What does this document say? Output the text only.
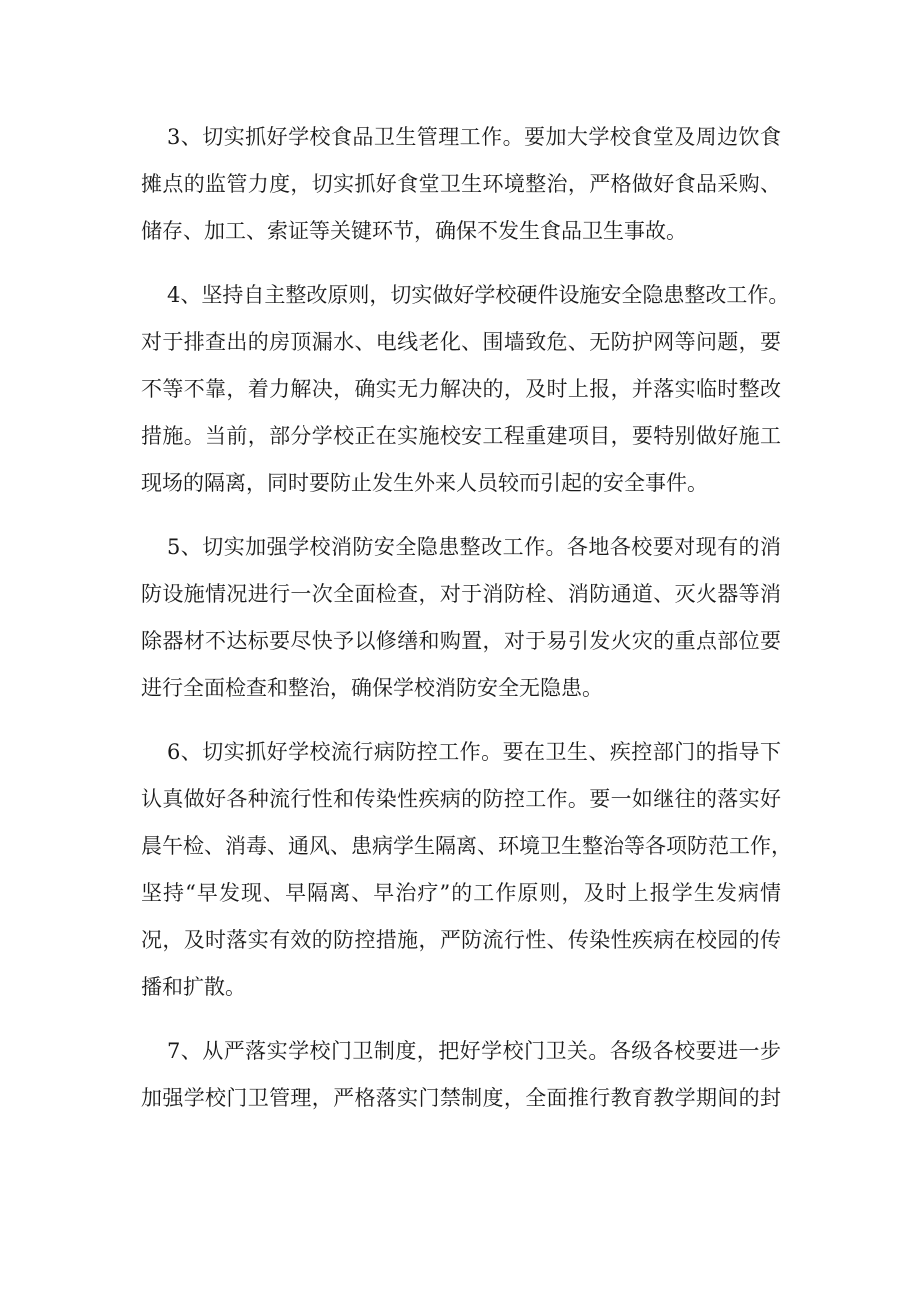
3、切实抓好学校食品卫生管理工作。要加大学校食堂及周边饮食
摊点的监管力度，切实抓好食堂卫生环境整治，严格做好食品采购、
储存、加工、索证等关键环节，确保不发生食品卫生事故。

4、坚持自主整改原则，切实做好学校硬件设施安全隐患整改工作。
对于排查出的房顶漏水、电线老化、围墙致危、无防护网等问题，要
不等不靠，着力解决，确实无力解决的，及时上报，并落实临时整改
措施。当前，部分学校正在实施校安工程重建项目，要特别做好施工
现场的隔离，同时要防止发生外来人员较而引起的安全事件。

5、切实加强学校消防安全隐患整改工作。各地各校要对现有的消
防设施情况进行一次全面检查，对于消防栓、消防通道、灭火器等消
除器材不达标要尽快予以修缮和购置，对于易引发火灾的重点部位要
进行全面检查和整治，确保学校消防安全无隐患。

6、切实抓好学校流行病防控工作。要在卫生、疾控部门的指导下
认真做好各种流行性和传染性疾病的防控工作。要一如继往的落实好
晨午检、消毒、通风、患病学生隔离、环境卫生整治等各项防范工作，
坚持“早发现、早隔离、早治疗”的工作原则，及时上报学生发病情
况，及时落实有效的防控措施，严防流行性、传染性疾病在校园的传
播和扩散。

7、从严落实学校门卫制度，把好学校门卫关。各级各校要进一步
加强学校门卫管理，严格落实门禁制度，全面推行教育教学期间的封
